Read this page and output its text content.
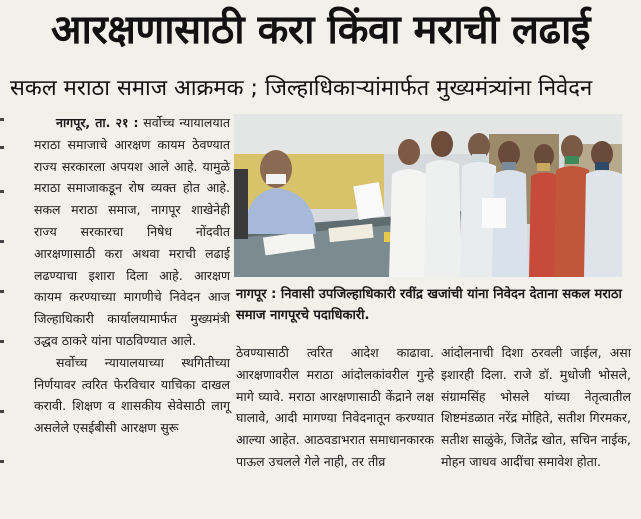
आरक्षणासाठी करा किंवा मराची लढाई
सकल मराठा समाज आक्रमक ; जिल्हाधिकाऱ्यांमार्फत मुख्यमंत्र्यांना निवेदन

नागपूर, ता. २१ : सर्वोच्च न्यायालयात मराठा समाजाचे आरक्षण कायम ठेवण्यात राज्य सरकारला अपयश आले आहे. यामुळे मराठा समाजाकडून रोष व्यक्त होत आहे. सकल मराठा समाज, नागपूर शाखेनेही राज्य सरकारचा निषेध नोंदवीत आरक्षणासाठी करा अथवा मराची लढाई लढण्याचा इशारा दिला आहे. आरक्षण कायम करण्याच्या मागणीचे निवेदन आज जिल्हाधिकारी कार्यालयामार्फत मुख्यमंत्री उद्धव ठाकरे यांना पाठविण्यात आले.

सर्वोच्च न्यायालयाच्या स्थगितीच्या निर्णयावर त्वरित फेरविचार याचिका दाखल करावी. शिक्षण व शासकीय सेवेसाठी लागू असलेले एसईबीसी आरक्षण सुरू

नागपूर : निवासी उपजिल्हाधिकारी रवींद्र खजांची यांना निवेदन देताना सकल मराठा समाज नागपूरचे पदाधिकारी.

ठेवण्यासाठी त्वरित आदेश काढावा. आरक्षणावरील मराठा आंदोलकांवरील गुन्हे मागे घ्यावे. मराठा आरक्षणासाठी केंद्राने लक्ष घालावे, आदी मागण्या निवेदनातून करण्यात आल्या आहेत. आठवडाभरात समाधानकारक पाऊल उचलले गेले नाही, तर तीव्र

आंदोलनाची दिशा ठरवली जाईल, असा इशारही दिला. राजे डॉ. मुधोजी भोसले, संग्रामसिंह भोसले यांच्या नेतृत्वातील शिष्टमंडळात नरेंद्र मोहिते, सतीश गिरमकर, सतीश साळुंके, जितेंद्र खोत, सचिन नाईक, मोहन जाधव आदींचा समावेश होता.
